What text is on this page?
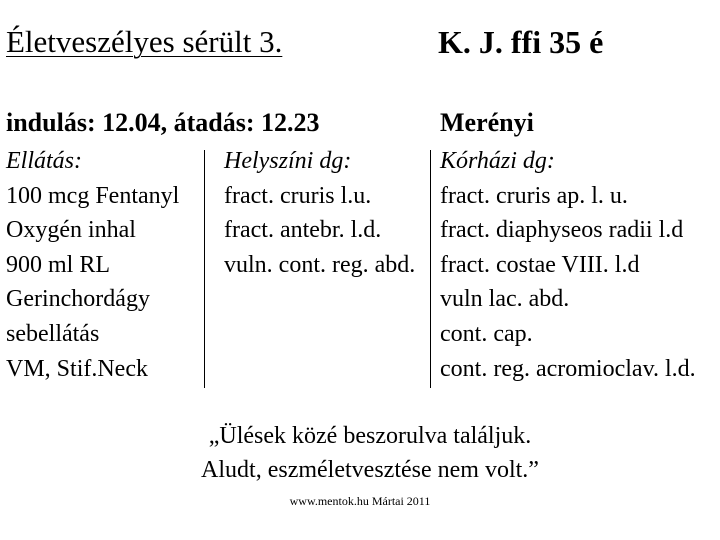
Életveszélyes sérült 3.	K. J. ffi 35 é
indulás: 12.04, átadás: 12.23	Merényi
Ellátás:
100 mcg Fentanyl
Oxygén inhal
900 ml RL
Gerinchordágy
sebellátás
VM, Stif.Neck
Helyszíni dg:
fract. cruris l.u.
fract. antebr. l.d.
vuln. cont. reg. abd.
Kórházi dg:
fract. cruris ap. l. u.
fract. diaphyseos radii l.d
fract. costae VIII. l.d
vuln lac. abd.
cont. cap.
cont. reg. acromioclav. l.d.
„Ülések közé beszorulva találjuk.
Aludt, eszméletvesztése nem volt.”
www.mentok.hu Mártai 2011
